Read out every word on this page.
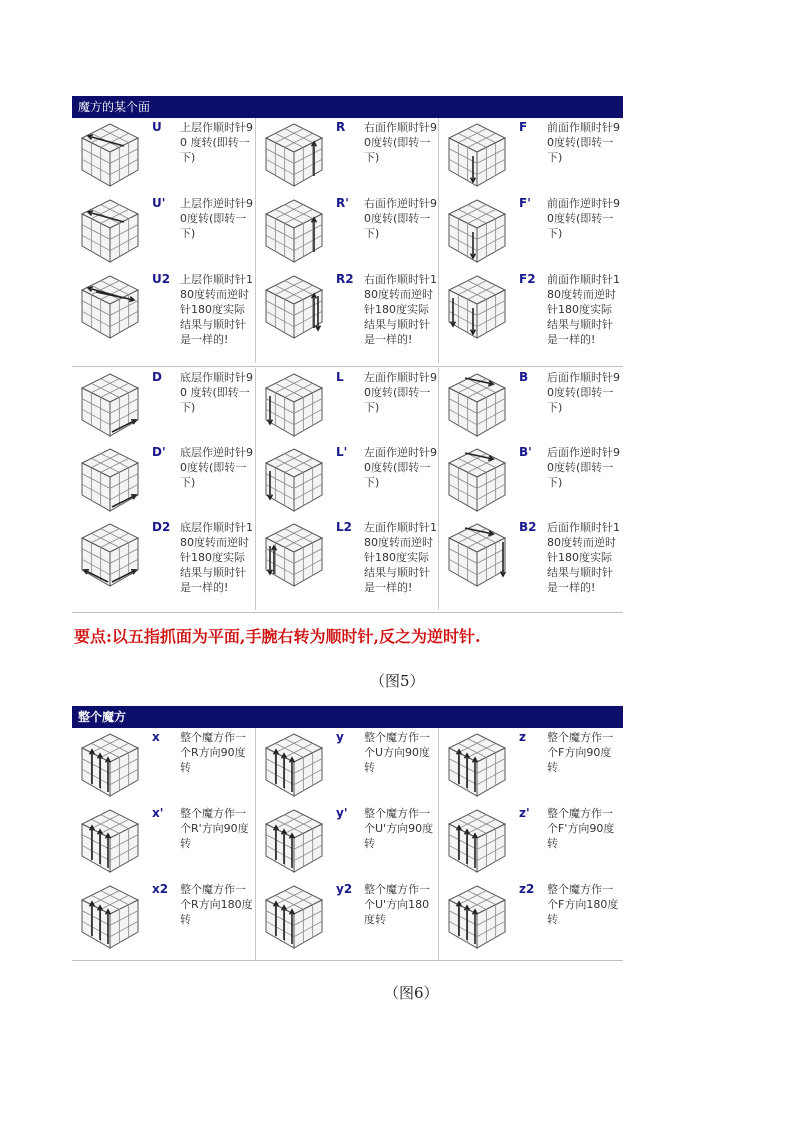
魔方的某个面
U 上层作顺时针90 度转(即转一下)
U' 上层作逆时针90度转(即转一下)
U2 上层作顺时针180度转而逆时针180度实际结果与顺时针是一样的!
R 右面作顺时针90度转(即转一下)
R' 右面作逆时针90度转(即转一下)
R2 右面作顺时针180度转而逆时针180度实际结果与顺时针是一样的!
F 前面作顺时针90度转(即转一下)
F' 前面作逆时针90度转(即转一下)
F2 前面作顺时针180度转而逆时针180度实际结果与顺时针是一样的!
D 底层作顺时针90 度转(即转一下)
D' 底层作逆时针90度转(即转一下)
D2 底层作顺时针180度转而逆时针180度实际结果与顺时针是一样的!
L 左面作顺时针90度转(即转一下)
L' 左面作逆时针90度转(即转一下)
L2 左面作顺时针180度转而逆时针180度实际结果与顺时针是一样的!
B 后面作顺时针90度转(即转一下)
B' 后面作逆时针90度转(即转一下)
B2 后面作顺时针180度转而逆时针180度实际结果与顺时针是一样的!
要点:以五指抓面为平面,手腕右转为顺时针,反之为逆时针.
（图5）
整个魔方
x 整个魔方作一个R方向90度转
x' 整个魔方作一个R'方向90度转
x2 整个魔方作一个R方向180度转
y 整个魔方作一个U方向90度转
y' 整个魔方作一个U'方向90度转
y2 整个魔方作一个U'方向180度转
z 整个魔方作一个F方向90度转
z' 整个魔方作一个F'方向90度转
z2 整个魔方作一个F方向180度转
（图6）
